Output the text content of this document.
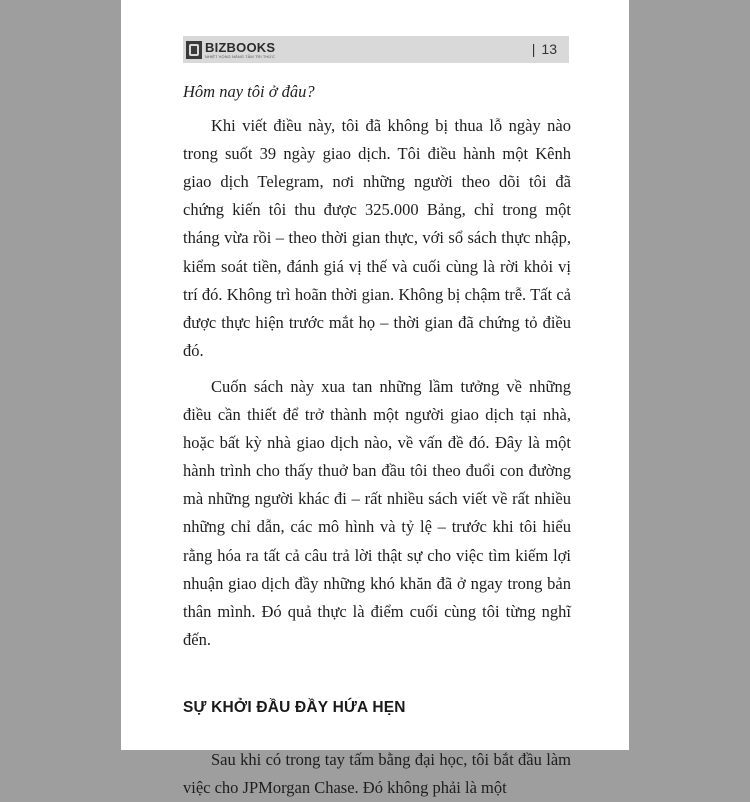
BIZBOOKS
NHIỆT VỌNG NÂNG TẦM TRI THỨC	| 13

Hôm nay tôi ở đâu?

Khi viết điều này, tôi đã không bị thua lỗ ngày nào trong suốt 39 ngày giao dịch. Tôi điều hành một Kênh giao dịch Telegram, nơi những người theo dõi tôi đã chứng kiến tôi thu được 325.000 Bảng, chỉ trong một tháng vừa rồi – theo thời gian thực, với sổ sách thực nhập, kiểm soát tiền, đánh giá vị thế và cuối cùng là rời khỏi vị trí đó. Không trì hoãn thời gian. Không bị chậm trễ. Tất cả được thực hiện trước mắt họ – thời gian đã chứng tỏ điều đó.

Cuốn sách này xua tan những lầm tưởng về những điều cần thiết để trở thành một người giao dịch tại nhà, hoặc bất kỳ nhà giao dịch nào, về vấn đề đó. Đây là một hành trình cho thấy thuở ban đầu tôi theo đuổi con đường mà những người khác đi – rất nhiều sách viết về rất nhiều những chỉ dẫn, các mô hình và tỷ lệ – trước khi tôi hiểu rằng hóa ra tất cả câu trả lời thật sự cho việc tìm kiếm lợi nhuận giao dịch đầy những khó khăn đã ở ngay trong bản thân mình. Đó quả thực là điểm cuối cùng tôi từng nghĩ đến.

SỰ KHỞI ĐẦU ĐẦY HỨA HẸN

Sau khi có trong tay tấm bằng đại học, tôi bắt đầu làm việc cho JPMorgan Chase. Đó không phải là một
